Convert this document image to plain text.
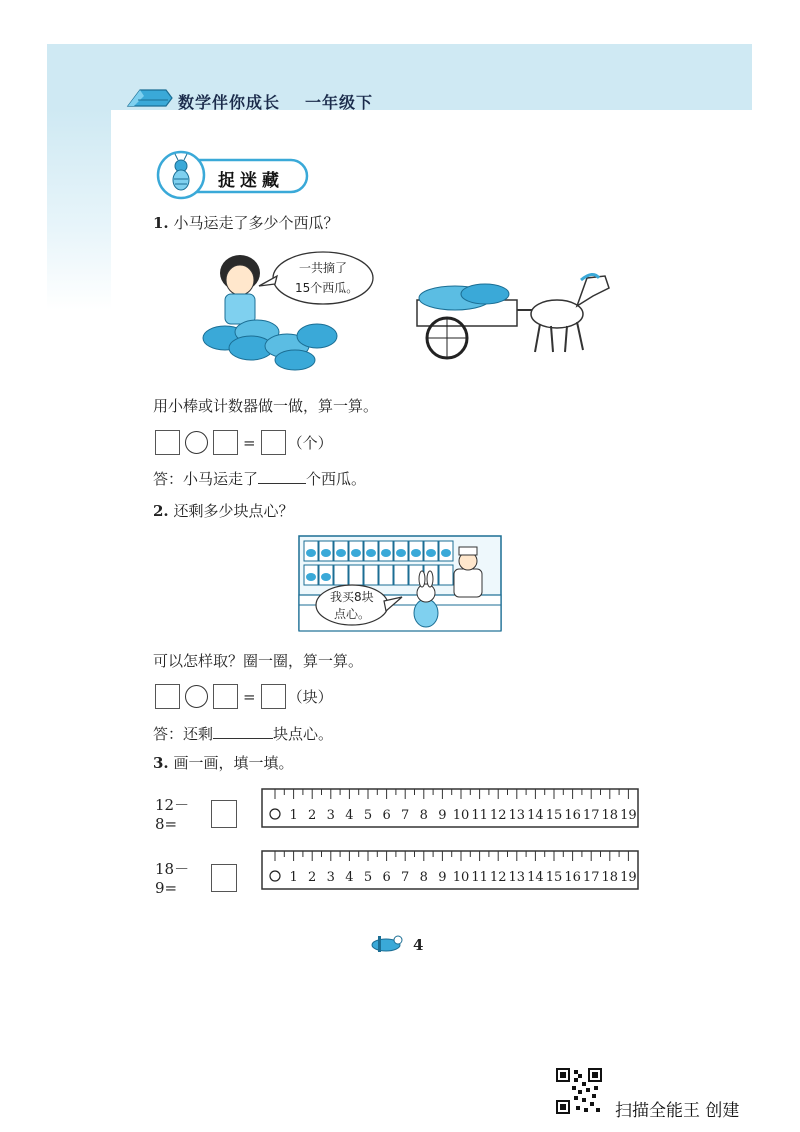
数学伴你成长 一年级下
捉迷藏
1. 小马运走了多少个西瓜？
一共摘了
15个西瓜。
用小棒或计数器做一做，算一算。
= （个）
答：小马运走了	个西瓜。
2. 还剩多少块点心？
我买8块
点心。
可以怎样取？圈一圈，算一算。
= （块）
答：还剩	块点心。
3. 画一画，填一填。
12－8=	1 2 3 4 5 6 7 8 9 10 11 12 13 14 15 16 17 18 19
18－9=
1 2 3 4 5 6 7 8 9 10 11 12 13 14 15 16 17 18 19
4
扫描全能王 创建
